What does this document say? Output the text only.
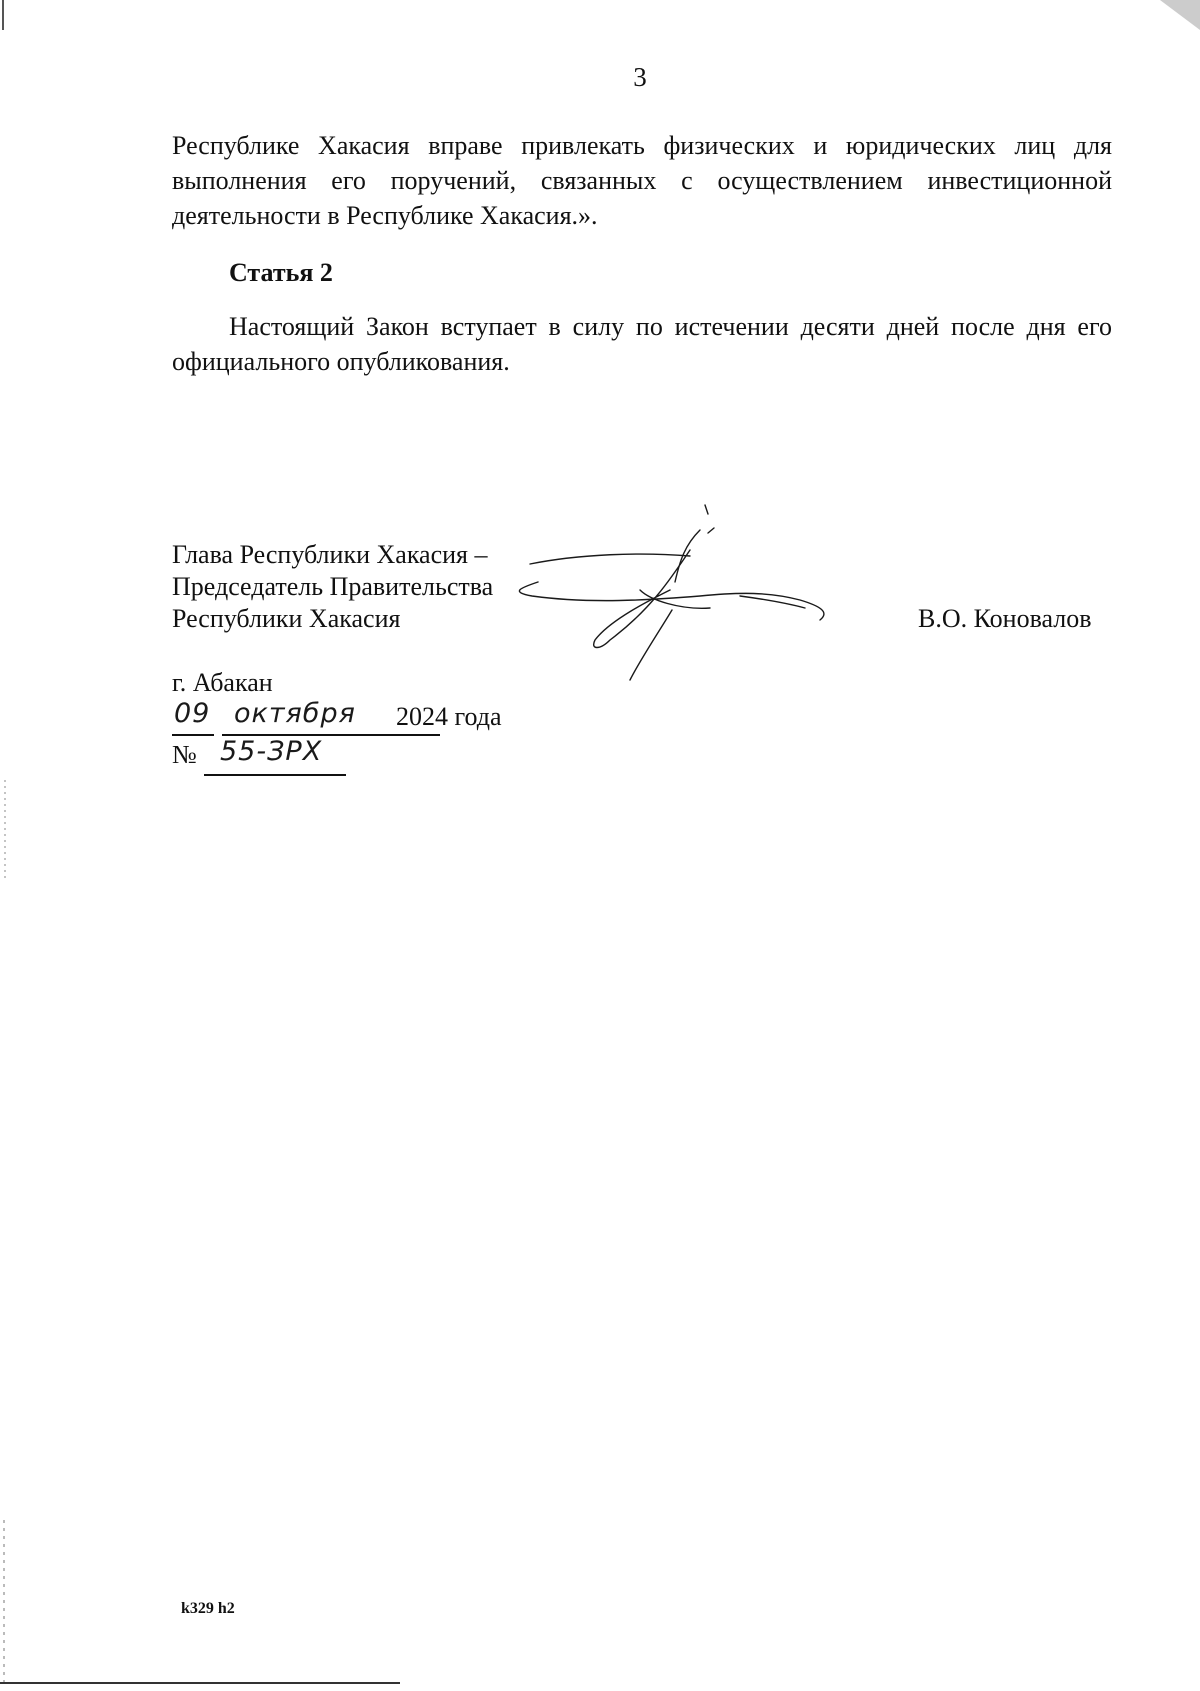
3
Республике Хакасия вправе привлекать физических и юридических лиц для выполнения его поручений, связанных с осуществлением инвестиционной деятельности в Республике Хакасия.».
Статья 2
Настоящий Закон вступает в силу по истечении десяти дней после дня его официального опубликования.
Глава Республики Хакасия –
Председатель Правительства
Республики Хакасия	В.О. Коновалов
г. Абакан
09 октября 2024 года
№ 55-ЗРХ
k329 h2
